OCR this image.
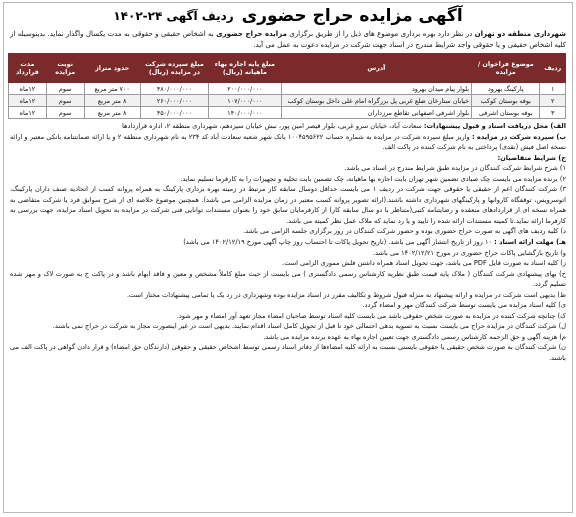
آگهی مزایده حراج حضوری
ردیف آگهی ۲۴-۱۴۰۲
شهرداری منطقه دو تهران در نظر دارد بهره برداری موضوع های ذیل را از طریق برگزاری مزایده حراج حضوری به اشخاص حقیقی و حقوقی به مدت یکسال واگذار نماید. بدینوسیله از کلیه اشخاص حقیقی و یا حقوقی واجد شرایط مندرج در اسناد جهت شرکت در مزایده دعوت به عمل می آید.
ردیف	موضوع فراخوان / مزایده	آدرس	مبلغ پایه اجاره بهاء ماهیانه (ریال)	مبلغ سپرده شرکت در مزایده (ریال)	حدود متراژ	نوبت مزایده	مدت قرارداد
۱	پارکینگ بهرود	بلوار پیام میدان بهرود	۲۰۰/۰۰۰/۰۰۰	۴۸۰/۰۰۰/۰۰۰	۷۰۰ متر مربع	سوم	۱۲ماه
۲	بوفه بوستان کوکب	خیابان ستارخان ضلع غربی پل بزرگراه امام علی داخل بوستان کوکب	۱۰۷/۰۰۰/۰۰۰	۲۶۰/۰۰۰/۰۰۰	۸ متر مربع	سوم	۱۲ماه
۳	بوفه بوستان اشرفی	بلوار اشرفی اصفهانی تقاطع مرزداران	۱۴۰/۰۰۰/۰۰۰	۴۵۰/۰۰۰/۰۰۰	۸ متر مربع	سوم	۱۲ماه

الف) محل دریافت اسناد و قبول پیشنهادات: سعادت آباد، خیابان سرو غربی، بلوار قیصر امین پور، نبش خیابان سیزدهم، شهرداری منطقه ۲، اداره قراردادها

ب) سپرده شرکت در مزایده : واریز مبلغ سپرده شرکت در مزایده به شماره حساب ۱۰۰۴۵۹۵۶۲۲ بانک شهر شعبه سعادت آباد کد ۲۳۴ به نام شهرداری منطقه ۲ و یا ارائه ضمانتنامه بانکی معتبر و ارائه نسخه اصل فیش (نقدی) پرداختی به نام شرکت کننده در پاکت الف.

ج) شرایط متقاضیان:

۱) شرح شرایط شرکت کنندگان در مزایده طبق شرایط مندرج در اسناد می باشد.

۲) برنده مزایده می بایست چک صیادی تضمین شهر تهران بابت اجاره بها ماهیانه، چک تضمین بابت تخلیه و تجهیزات را به کارفرما تسلیم نماید.

۳) شرکت کنندگان اعم از حقیقی یا حقوقی جهت شرکت در ردیف ۱ می بایست حداقل دوسال سابقه کار مرتبط در زمینه بهره برداری پارکینگ به همراه پروانه کسب از اتحادیه صنف داران پارکینگ، اتوسرویس، توقفگاه کاروانها و پارکینگهای شهرداری داشته باشند.(ارائه تصویر پروانه کسب معتبر در زمان مزایده الزامی می باشد). همچنین موضوع حلاصه ای از شرح سوابق فرد یا شرکت متقاضی به همراه نسخه ای از قراردادهای منعقده و رضایتنامه کتبی(متناظر با دو سال سابقه کار) از کارفرمایان سابق خود را بعنوان مستندات توانایی فنی شرکت در مزایده به تحویل اسناد مزایده، جهت بررسی به کارفرما ارائه نماید.تا کمیته مستندات ارائه شده را تایید و یا رد نماید که ملاک عمل نظر کمیته می باشد.

د) کلیه ردیف های آگهی به صورت حراج حضوری بوده و حضور شرکت کنندگان در روز برگزاری جلسه الزامی می باشد.

هـ) مهلت ارائه اسناد : ۱۰ روز از تاریخ انتشار آگهی می باشد. (تاریخ تحویل پاکات تا احتساب روز چاپ آگهی مورخ ۱۴۰۲/۱۲/۱۹ می باشد)

و) تاریخ بازگشایی پاکات حراج حضوری در مورخ ۱۴۰۲/۱۲/۲۱ می باشد.

ز) کلیه اسناد به صورت فایل PDF می باشد، جهت تحویل اسناد همراه داشتن فلش مموری الزامی است.

ح) بهای پیشنهادی شرکت کنندگان ( ملاک پایه قیمت طبق نظریه کارشناس رسمی دادگستری ) می بایست از حیث مبلغ کاملاً مشخص و معین و فاقد ابهام باشد و در پاکت ج به صورت لاک و مهر شده تسلیم گردد.

ط) بدیهی است شرکت در مزایده و ارائه پیشنهاد به منزله قبول شروط و تکالیف مقرر در اسناد مزایده بوده وشهرداری در رد یک یا تمامی پیشنهادات مختار است.

ی) کلیه اسناد مزایده می بایست توسط شرکت کنندگان مهر و امضاء گردد.

ک) چنانچه شرکت کننده در مزایده به صورت شخص حقوقی باشد می بایست کلیه اسناد توسط صاحبان امضاء مجاز تعهد آور امضاء و مهر شود.

ل) شرکت کنندگان در مزایده حراج می بایست نسبت به تسویه بدهی احتمالی خود تا قبل از تحویل کامل اسناد اقدام نمایند. بدیهی است در غیر اینصورت مجاز به شرکت در حراج نمی باشند.

م) هزینه آگهی و حق الزحمه کارشناس رسمی دادگستری جهت تعیین اجاره بهاء به عهده برنده مزایده می باشد.

ن) شرکت کنندگان به صورت شخص حقیقی یا حقوقی بایستی نسبت به ارائه کلیه امضاءها از دفاتر اسناد رسمی توسط اشخاص حقیقی و حقوقی (دارندگان حق امضاء) و قرار دادن گواهی در پاکت الف می باشند.
